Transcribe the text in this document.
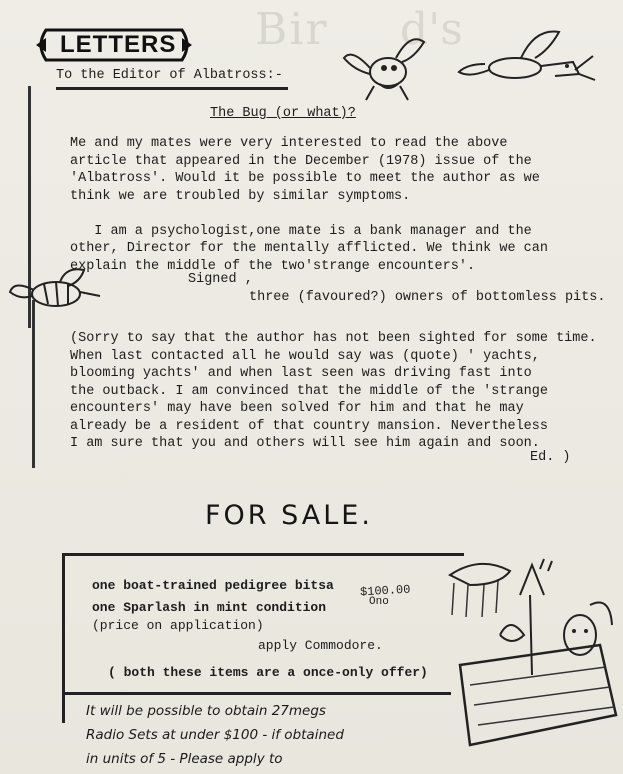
Bir d's
LETTERS
To the Editor of Albatross:-
The Bug (or what)?
Me and my mates were very interested to read the above
article that appeared in the December (1978) issue of the
'Albatross'. Would it be possible to meet the author as we
think we are troubled by similar symptoms.

I am a psychologist,one mate is a bank manager and the
other, Director for the mentally afflicted. We think we can
explain the middle of the two'strange encounters'.
Signed ,
three (favoured?) owners of bottomless pits.
(Sorry to say that the author has not been sighted for some time.
When last contacted all he would say was (quote) ' yachts,
blooming yachts' and when last seen was driving fast into
the outback. I am convinced that the middle of the 'strange
encounters' may have been solved for him and that he may
already be a resident of that country mansion. Nevertheless
I am sure that you and others will see him again and soon.
Ed. )
FOR SALE.
one boat-trained pedigree bitsa $100.00
Ono
one Sparlash in mint condition
(price on application)
apply Commodore.
( both these items are a once-only offer)
It will be possible to obtain 27megs
Radio Sets at under $100 - if obtained
in units of 5 - Please apply to
